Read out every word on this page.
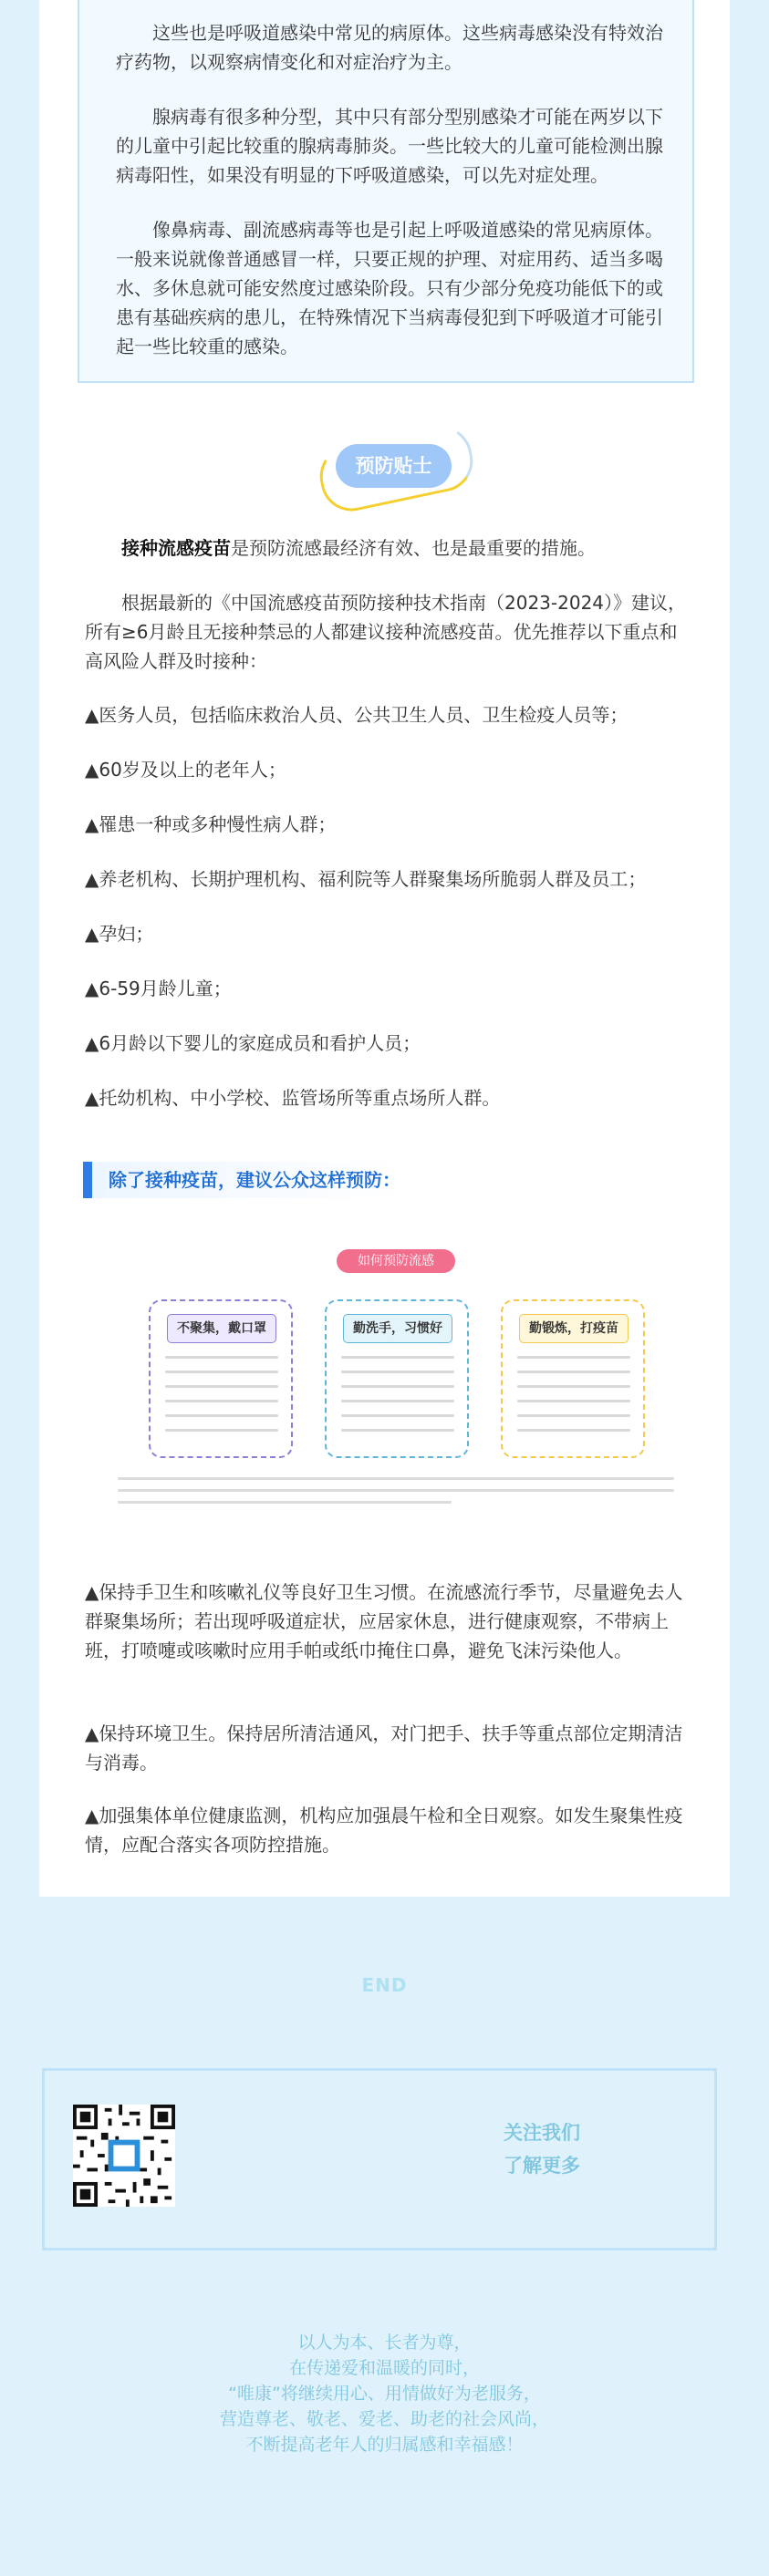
这些也是呼吸道感染中常见的病原体。这些病毒感染没有特效治疗药物，以观察病情变化和对症治疗为主。

腺病毒有很多种分型，其中只有部分型别感染才可能在两岁以下的儿童中引起比较重的腺病毒肺炎。一些比较大的儿童可能检测出腺病毒阳性，如果没有明显的下呼吸道感染，可以先对症处理。

像鼻病毒、副流感病毒等也是引起上呼吸道感染的常见病原体。一般来说就像普通感冒一样，只要正规的护理、对症用药、适当多喝水、多休息就可能安然度过感染阶段。只有少部分免疫功能低下的或患有基础疾病的患儿，在特殊情况下当病毒侵犯到下呼吸道才可能引起一些比较重的感染。

预防贴士

接种流感疫苗是预防流感最经济有效、也是最重要的措施。

根据最新的《中国流感疫苗预防接种技术指南（2023-2024）》建议，所有≥6月龄且无接种禁忌的人都建议接种流感疫苗。优先推荐以下重点和高风险人群及时接种：

▲医务人员，包括临床救治人员、公共卫生人员、卫生检疫人员等；

▲60岁及以上的老年人；

▲罹患一种或多种慢性病人群；

▲养老机构、长期护理机构、福利院等人群聚集场所脆弱人群及员工；

▲孕妇；

▲6-59月龄儿童；

▲6月龄以下婴儿的家庭成员和看护人员；

▲托幼机构、中小学校、监管场所等重点场所人群。

除了接种疫苗，建议公众这样预防：
如何预防流感
不聚集，戴口罩	勤洗手，习惯好	勤锻炼，打疫苗

▲保持手卫生和咳嗽礼仪等良好卫生习惯。在流感流行季节，尽量避免去人群聚集场所；若出现呼吸道症状，应居家休息，进行健康观察，不带病上班，打喷嚏或咳嗽时应用手帕或纸巾掩住口鼻，避免飞沫污染他人。

▲保持环境卫生。保持居所清洁通风，对门把手、扶手等重点部位定期清洁与消毒。

▲加强集体单位健康监测，机构应加强晨午检和全日观察。如发生聚集性疫情，应配合落实各项防控措施。

END
关注我们
了解更多
以人为本、长者为尊，
在传递爱和温暖的同时，
“唯康”将继续用心、用情做好为老服务，
营造尊老、敬老、爱老、助老的社会风尚，
不断提高老年人的归属感和幸福感！
